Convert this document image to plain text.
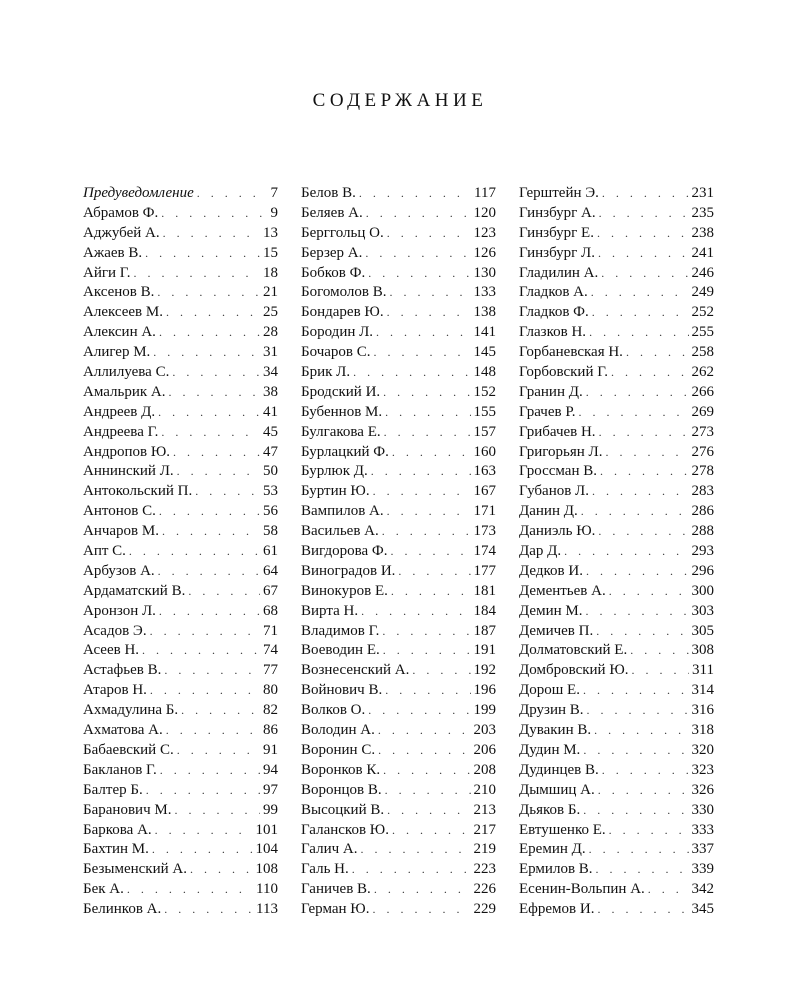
СОДЕРЖАНИЕ
Предуведомление . . .	7
Абрамов Ф. . . .	9
Аджубей А. . . .	13
Ажаев В. . . .	15
Айги Г. . . .	18
Аксенов В. . . .	21
Алексеев М. . . .	25
Алексин А. . . .	28
Алигер М. . . .	31
Аллилуева С. . . .	34
Амальрик А. . . .	38
Андреев Д. . . .	41
Андреева Г. . . .	45
Андропов Ю. . . .	47
Аннинский Л. . . .	50
Антокольский П. . . .	53
Антонов С. . . .	56
Анчаров М. . . .	58
Апт С. . . .	61
Арбузов А. . . .	64
Ардаматский В. . . .	67
Аронзон Л. . . .	68
Асадов Э. . . .	71
Асеев Н. . . .	74
Астафьев В. . . .	77
Атаров Н. . . .	80
Ахмадулина Б. . . .	82
Ахматова А. . . .	86
Бабаевский С. . . .	91
Бакланов Г. . . .	94
Балтер Б. . . .	97
Баранович М. . . .	99
Баркова А. . . .	101
Бахтин М. . . .	104
Безыменский А. . . .	108
Бек А. . . .	110
Белинков А. . . .	113
Белов В. . . .	117
Беляев А. . . .	120
Берггольц О. . . .	123
Берзер А. . . .	126
Бобков Ф. . . .	130
Богомолов В. . . .	133
Бондарев Ю. . . .	138
Бородин Л. . . .	141
Бочаров С. . . .	145
Брик Л. . . .	148
Бродский И. . . .	152
Бубеннов М. . . .	155
Булгакова Е. . . .	157
Бурлацкий Ф. . . .	160
Бурлюк Д. . . .	163
Буртин Ю. . . .	167
Вампилов А. . . .	171
Васильев А. . . .	173
Вигдорова Ф. . . .	174
Виноградов И. . . .	177
Винокуров Е. . . .	181
Вирта Н. . . .	184
Владимов Г. . . .	187
Воеводин Е. . . .	191
Вознесенский А. . . .	192
Войнович В. . . .	196
Волков О. . . .	199
Володин А. . . .	203
Воронин С. . . .	206
Воронков К. . . .	208
Воронцов В. . . .	210
Высоцкий В. . . .	213
Галансков Ю. . . .	217
Галич А. . . .	219
Галь Н. . . .	223
Ганичев В. . . .	226
Герман Ю. . . .	229
Герштейн Э. . . .	231
Гинзбург А. . . .	235
Гинзбург Е. . . .	238
Гинзбург Л. . . .	241
Гладилин А. . . .	246
Гладков А. . . .	249
Гладков Ф. . . .	252
Глазков Н. . . .	255
Горбаневская Н. . . .	258
Горбовский Г. . . .	262
Гранин Д. . . .	266
Грачев Р. . . .	269
Грибачев Н. . . .	273
Григорьян Л. . . .	276
Гроссман В. . . .	278
Губанов Л. . . .	283
Данин Д. . . .	286
Даниэль Ю. . . .	288
Дар Д. . . .	293
Дедков И. . . .	296
Дементьев А. . . .	300
Демин М. . . .	303
Демичев П. . . .	305
Долматовский Е. . . .	308
Домбровский Ю. . . .	311
Дорош Е. . . .	314
Друзин В. . . .	316
Дувакин В. . . .	318
Дудин М. . . .	320
Дудинцев В. . . .	323
Дымшиц А. . . .	326
Дьяков Б. . . .	330
Евтушенко Е. . . .	333
Еремин Д. . . .	337
Ермилов В. . . .	339
Есенин-Вольпин А. . . .	342
Ефремов И. . . .	345
